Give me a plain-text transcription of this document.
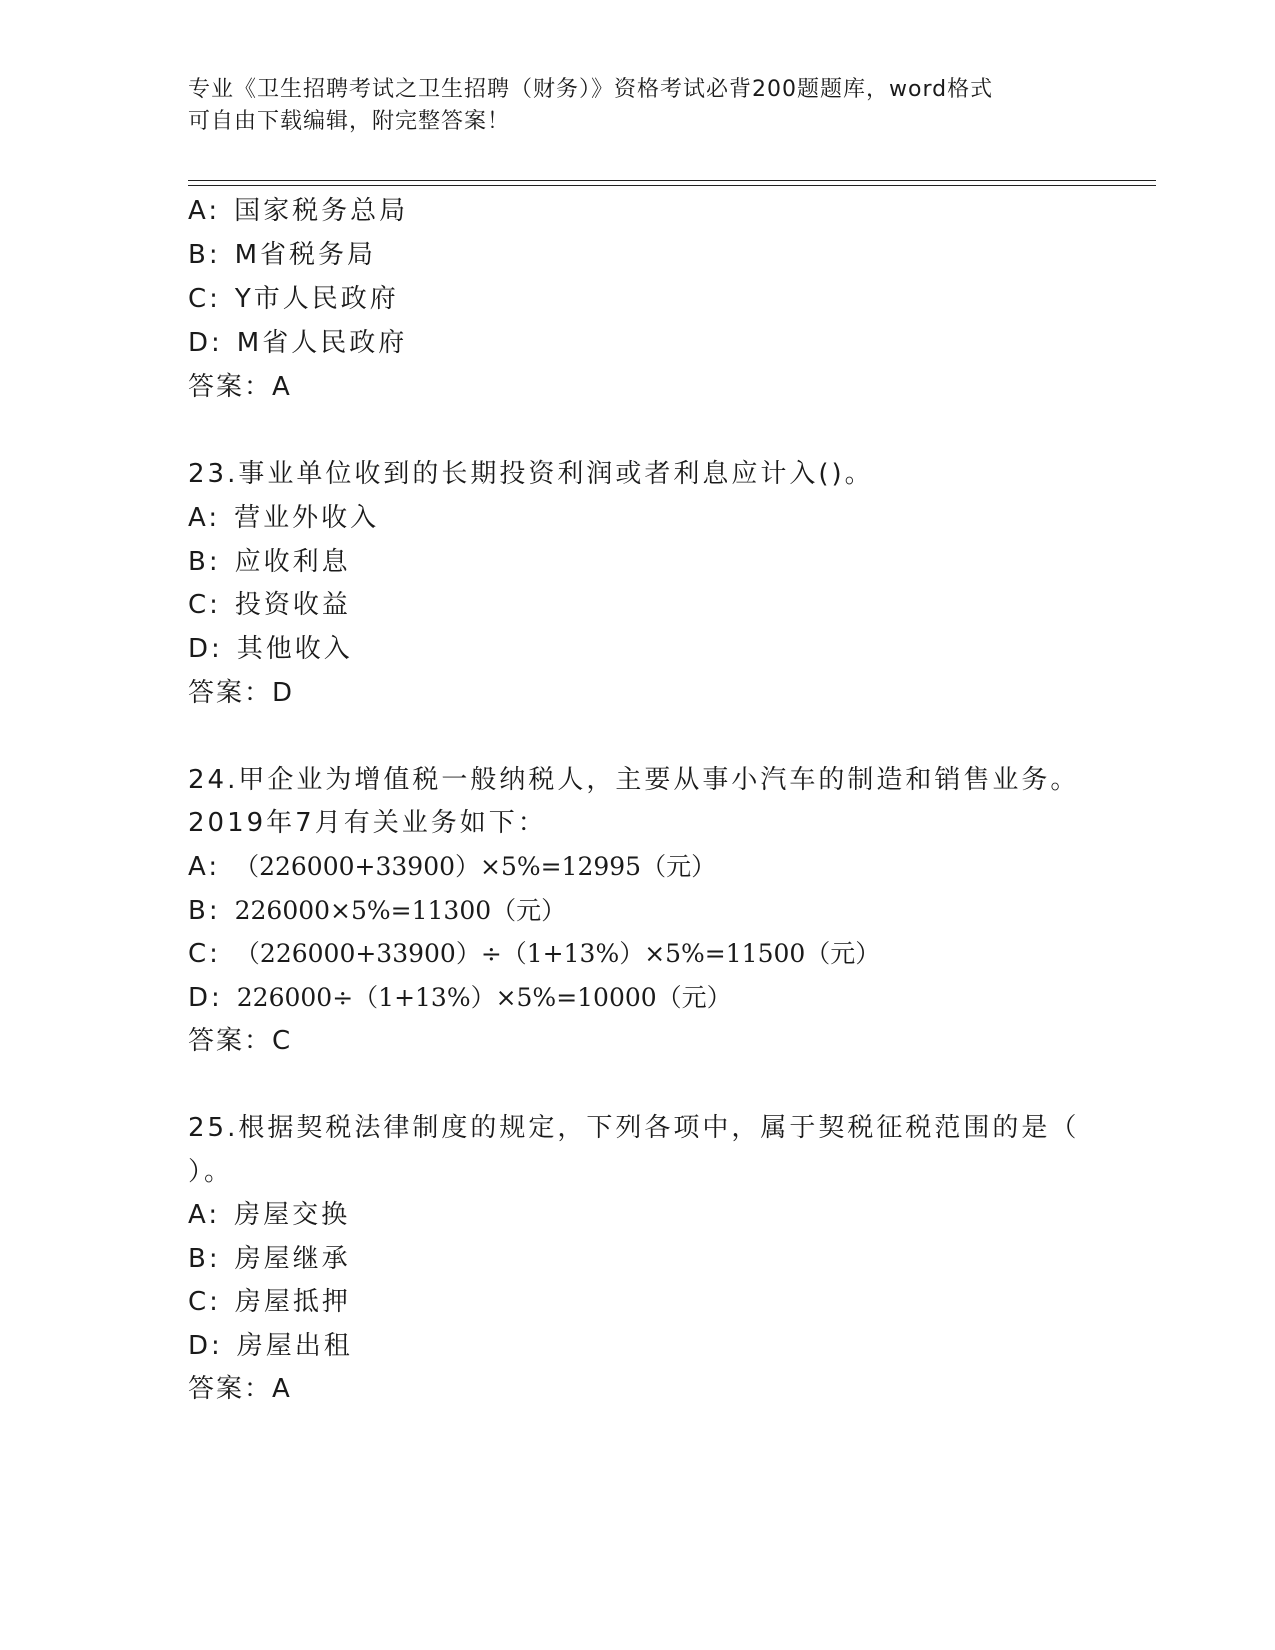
专业《卫生招聘考试之卫生招聘（财务）》资格考试必背200题题库，word格式
可自由下载编辑，附完整答案！
A: 国家税务总局
B: M省税务局
C: Y市人民政府
D: M省人民政府
答案：A
23.事业单位收到的长期投资利润或者利息应计入()。
A: 营业外收入
B: 应收利息
C: 投资收益
D: 其他收入
答案：D
24.甲企业为增值税一般纳税人，主要从事小汽车的制造和销售业务。
2019年7月有关业务如下：
A: （226000+33900）×5%=12995（元）
B: 226000×5%=11300（元）
C: （226000+33900）÷（1+13%）×5%=11500（元）
D: 226000÷（1+13%）×5%=10000（元）
答案：C
25.根据契税法律制度的规定，下列各项中，属于契税征税范围的是（
）。
A: 房屋交换
B: 房屋继承
C: 房屋抵押
D: 房屋出租
答案：A
